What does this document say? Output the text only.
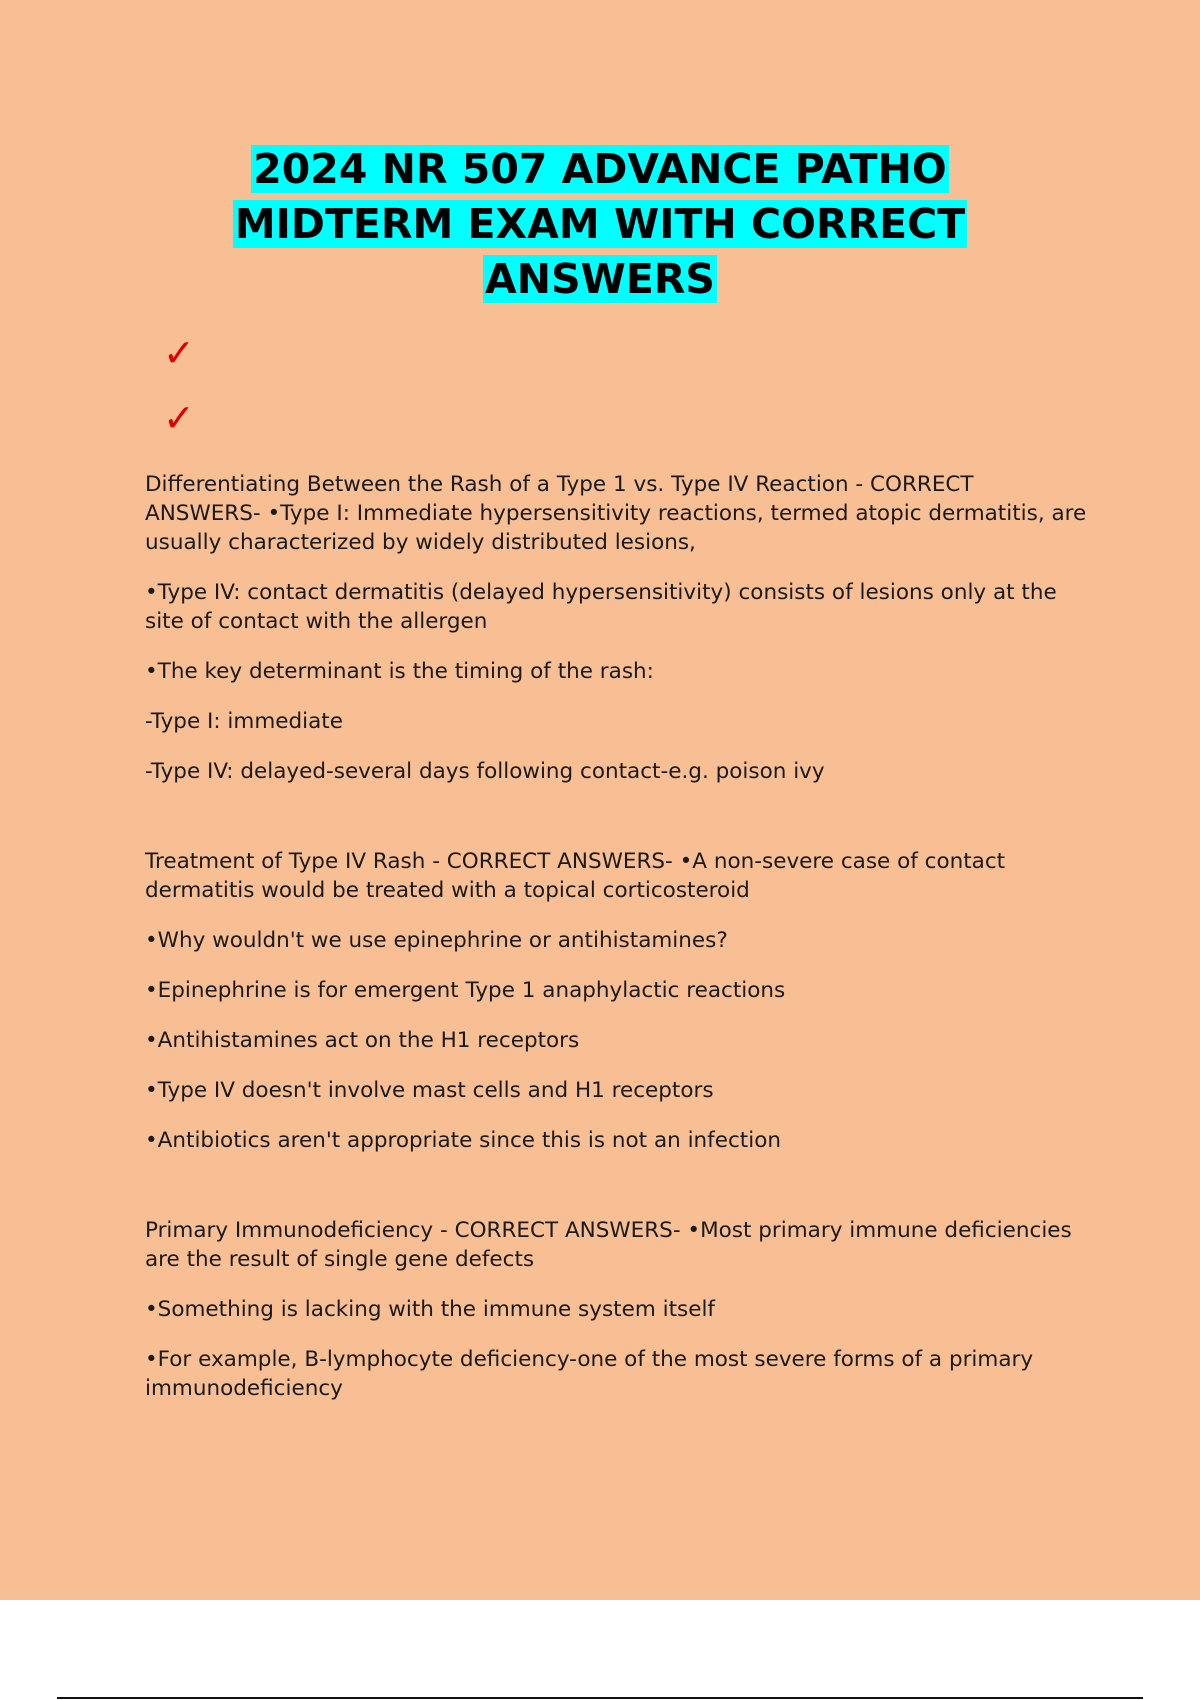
2024 NR 507 ADVANCE PATHO
MIDTERM EXAM WITH CORRECT
ANSWERS
✓
✓

Differentiating Between the Rash of a Type 1 vs. Type IV Reaction - CORRECT ANSWERS- •Type I: Immediate hypersensitivity reactions, termed atopic dermatitis, are usually characterized by widely distributed lesions,

•Type IV: contact dermatitis (delayed hypersensitivity) consists of lesions only at the site of contact with the allergen

•The key determinant is the timing of the rash:

-Type I: immediate

-Type IV: delayed-several days following contact-e.g. poison ivy

Treatment of Type IV Rash - CORRECT ANSWERS- •A non-severe case of contact dermatitis would be treated with a topical corticosteroid

•Why wouldn't we use epinephrine or antihistamines?

•Epinephrine is for emergent Type 1 anaphylactic reactions

•Antihistamines act on the H1 receptors

•Type IV doesn't involve mast cells and H1 receptors

•Antibiotics aren't appropriate since this is not an infection

Primary Immunodeficiency - CORRECT ANSWERS- •Most primary immune deficiencies are the result of single gene defects

•Something is lacking with the immune system itself

•For example, B-lymphocyte deficiency-one of the most severe forms of a primary immunodeficiency
